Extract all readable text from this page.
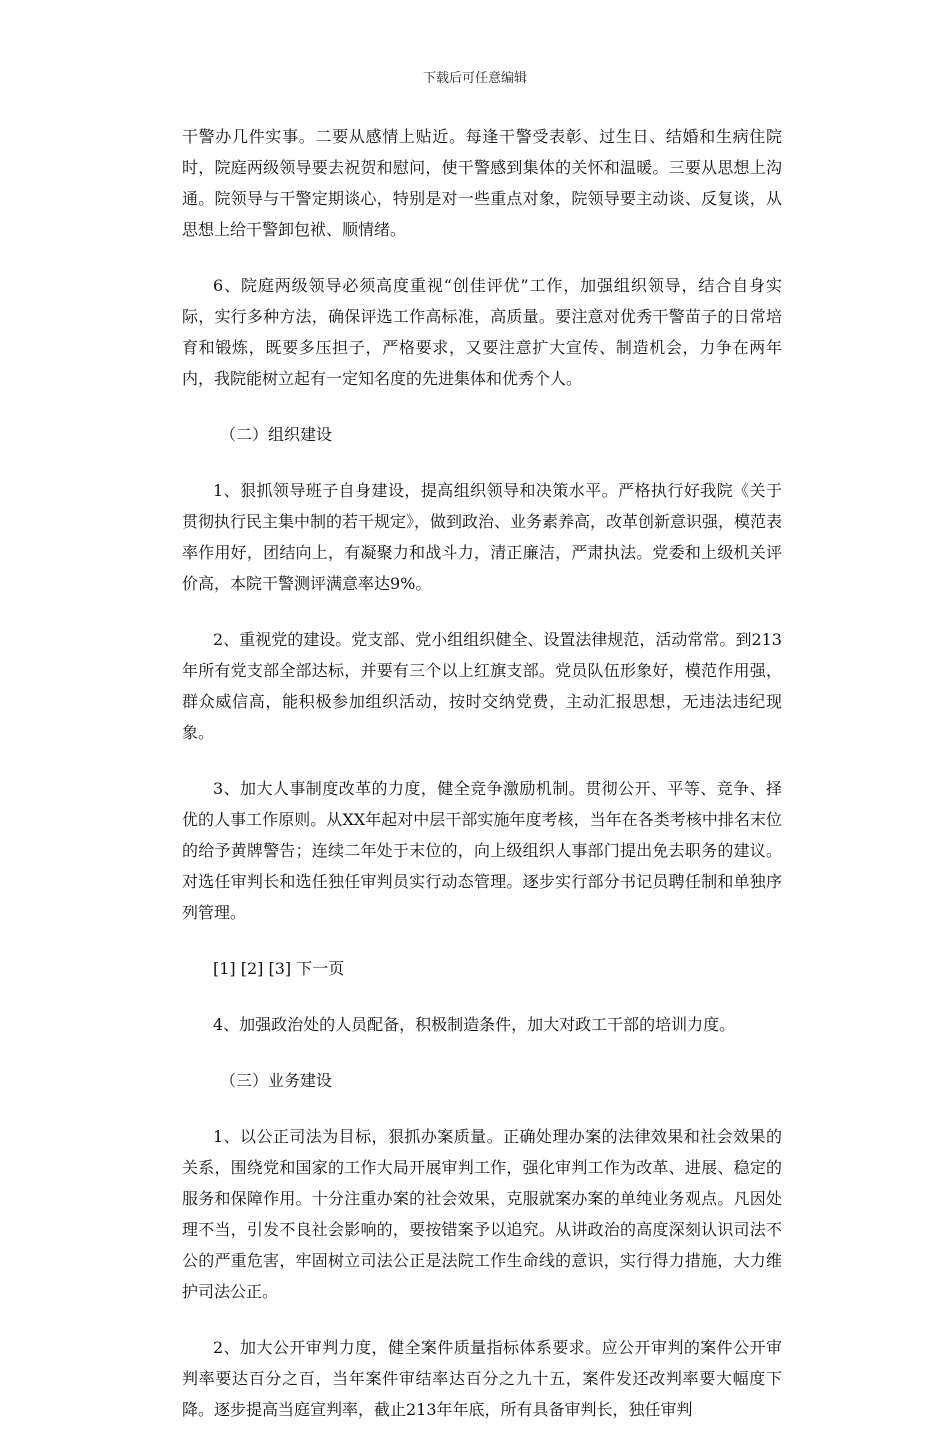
下载后可任意编辑

干警办几件实事。二要从感情上贴近。每逢干警受表彰、过生日、结婚和生病住院时，院庭两级领导要去祝贺和慰问，使干警感到集体的关怀和温暖。三要从思想上沟通。院领导与干警定期谈心，特别是对一些重点对象，院领导要主动谈、反复谈，从思想上给干警卸包袱、顺情绪。

6、院庭两级领导必须高度重视“创佳评优”工作，加强组织领导，结合自身实际，实行多种方法，确保评选工作高标准，高质量。要注意对优秀干警苗子的日常培育和锻炼，既要多压担子，严格要求，又要注意扩大宣传、制造机会，力争在两年内，我院能树立起有一定知名度的先进集体和优秀个人。

（二）组织建设

1、狠抓领导班子自身建设，提高组织领导和决策水平。严格执行好我院《关于贯彻执行民主集中制的若干规定》，做到政治、业务素养高，改革创新意识强，模范表率作用好，团结向上，有凝聚力和战斗力，清正廉洁，严肃执法。党委和上级机关评价高，本院干警测评满意率达9%。

2、重视党的建设。党支部、党小组组织健全、设置法律规范，活动常常。到213年所有党支部全部达标，并要有三个以上红旗支部。党员队伍形象好，模范作用强，群众威信高，能积极参加组织活动，按时交纳党费，主动汇报思想，无违法违纪现象。

3、加大人事制度改革的力度，健全竞争激励机制。贯彻公开、平等、竞争、择优的人事工作原则。从XX年起对中层干部实施年度考核，当年在各类考核中排名末位的给予黄牌警告；连续二年处于末位的，向上级组织人事部门提出免去职务的建议。对选任审判长和选任独任审判员实行动态管理。逐步实行部分书记员聘任制和单独序列管理。

[1] [2] [3] 下一页

4、加强政治处的人员配备，积极制造条件，加大对政工干部的培训力度。

（三）业务建设

1、以公正司法为目标，狠抓办案质量。正确处理办案的法律效果和社会效果的关系，围绕党和国家的工作大局开展审判工作，强化审判工作为改革、进展、稳定的服务和保障作用。十分注重办案的社会效果，克服就案办案的单纯业务观点。凡因处理不当，引发不良社会影响的，要按错案予以追究。从讲政治的高度深刻认识司法不公的严重危害，牢固树立司法公正是法院工作生命线的意识，实行得力措施，大力维护司法公正。

2、加大公开审判力度，健全案件质量指标体系要求。应公开审判的案件公开审判率要达百分之百，当年案件审结率达百分之九十五，案件发还改判率要大幅度下降。逐步提高当庭宣判率，截止213年年底，所有具备审判长，独任审判
